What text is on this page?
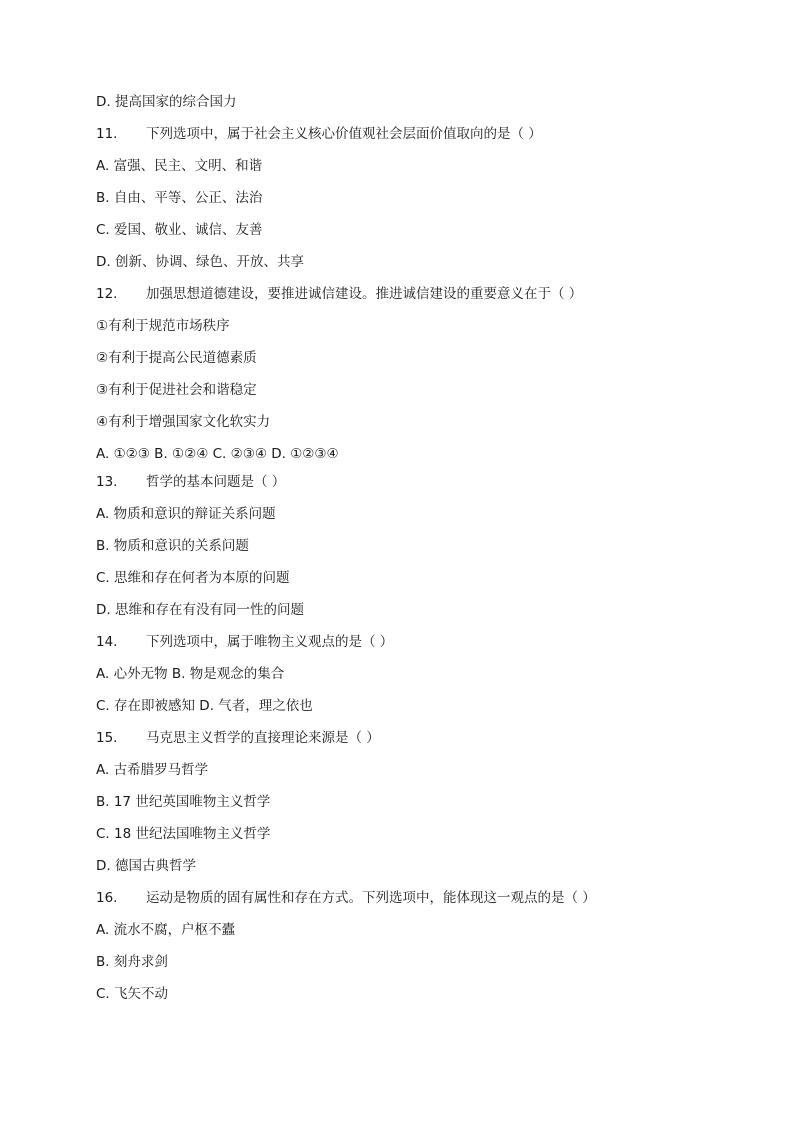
D. 提高国家的综合国力
11. 下列选项中，属于社会主义核心价值观社会层面价值取向的是（ ）
A. 富强、民主、文明、和谐
B. 自由、平等、公正、法治
C. 爱国、敬业、诚信、友善
D. 创新、协调、绿色、开放、共享
12. 加强思想道德建设，要推进诚信建设。推进诚信建设的重要意义在于（ ）
①有利于规范市场秩序
②有利于提高公民道德素质
③有利于促进社会和谐稳定
④有利于增强国家文化软实力
A. ①②③ B. ①②④ C. ②③④ D. ①②③④
13. 哲学的基本问题是（ ）
A. 物质和意识的辩证关系问题
B. 物质和意识的关系问题
C. 思维和存在何者为本原的问题
D. 思维和存在有没有同一性的问题
14. 下列选项中，属于唯物主义观点的是（ ）
A. 心外无物 B. 物是观念的集合
C. 存在即被感知 D. 气者，理之依也
15. 马克思主义哲学的直接理论来源是（ ）
A. 古希腊罗马哲学
B. 17 世纪英国唯物主义哲学
C. 18 世纪法国唯物主义哲学
D. 德国古典哲学
16. 运动是物质的固有属性和存在方式。下列选项中，能体现这一观点的是（ ）
A. 流水不腐，户枢不蠹
B. 刻舟求剑
C. 飞矢不动
